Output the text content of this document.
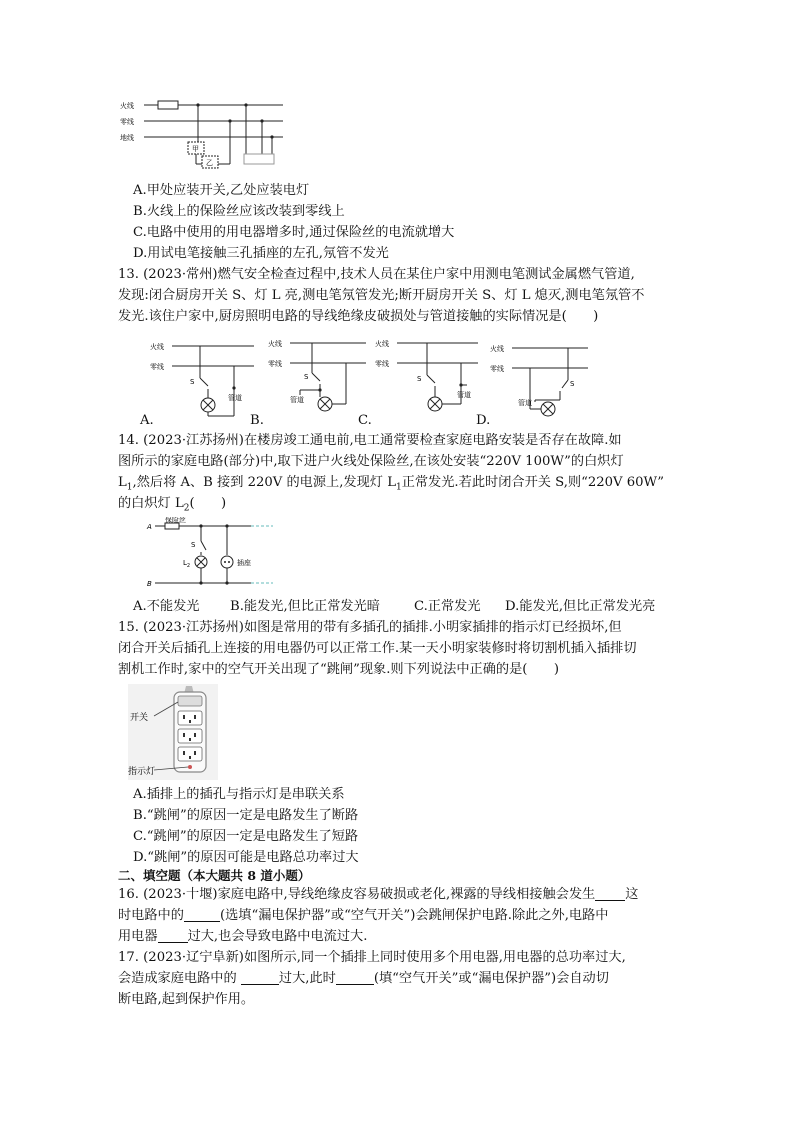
火线
零线
地线
甲
乙
A.甲处应装开关,乙处应装电灯
B.火线上的保险丝应该改装到零线上
C.电路中使用的用电器增多时,通过保险丝的电流就增大
D.用试电笔接触三孔插座的左孔,氖管不发光
13. (2023·常州)燃气安全检查过程中,技术人员在某住户家中用测电笔测试金属燃气管道,
发现:闭合厨房开关 S、灯 L 亮,测电笔氖管发光;断开厨房开关 S、灯 L 熄灭,测电笔氖管不
发光.该住户家中,厨房照明电路的导线绝缘皮破损处与管道接触的实际情况是(　　)
火线
零线
S
管道
火线
零线
S
管道
火线
零线
S
管道
火线
零线
S
管道
A.	B.	C.	D.
14. (2023·江苏扬州)在楼房竣工通电前,电工通常要检查家庭电路安装是否存在故障.如
图所示的家庭电路(部分)中,取下进户火线处保险丝,在该处安装“220V 100W”的白炽灯
$L_1$,然后将 A、B 接到 220V 的电源上,发现灯 $L_1$正常发光.若此时闭合开关 S,则“220V 60W”
的白炽灯 $L_2$(　　)
A
B
保险丝
S
$L_2$	插座
A.不能发光 B.能发光,但比正常发光暗	C.正常发光 D.能发光,但比正常发光亮
15. (2023·江苏扬州)如图是常用的带有多插孔的插排.小明家插排的指示灯已经损坏,但
闭合开关后插孔上连接的用电器仍可以正常工作.某一天小明家装修时将切割机插入插排切
割机工作时,家中的空气开关出现了“跳闸”现象.则下列说法中正确的是(　　)
开关
指示灯
A.插排上的插孔与指示灯是串联关系
B.“跳闸”的原因一定是电路发生了断路
C.“跳闸”的原因一定是电路发生了短路
D.“跳闸”的原因可能是电路总功率过大
二、填空题（本大题共 8 道小题）
16. (2023·十堰)家庭电路中,导线绝缘皮容易破损或老化,裸露的导线相接触会发生 这
时电路中的	(选填“漏电保护器”或“空气开关”)会跳闸保护电路.除此之外,电路中
用电器 过大,也会导致电路中电流过大.
17. (2023·辽宁阜新)如图所示,同一个插排上同时使用多个用电器,用电器的总功率过大,
会造成家庭电路中的	过大,此时	(填“空气开关”或“漏电保护器”)会自动切
断电路,起到保护作用。
